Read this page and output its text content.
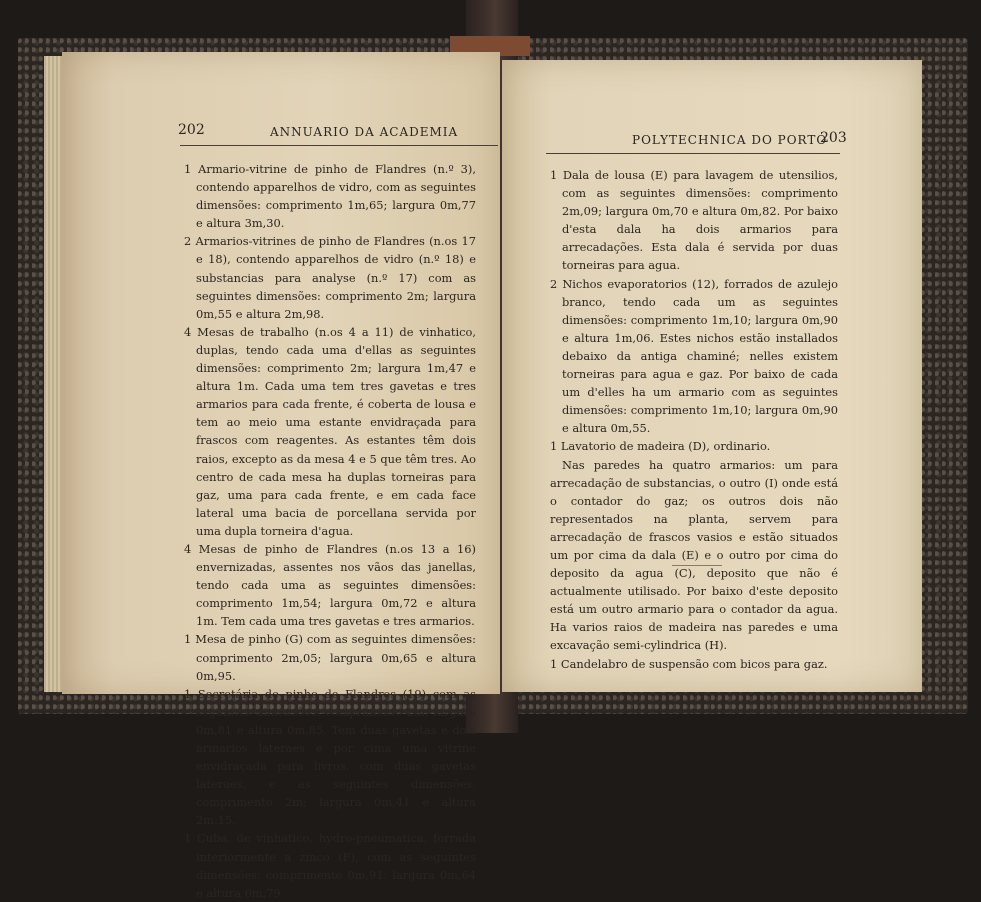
202	ANNUARIO DA ACADEMIA

1 Armario-vitrine de pinho de Flandres (n.º 3), contendo apparelhos de vidro, com as seguintes dimensões: comprimento 1m,65; largura 0m,77 e altura 3m,30.

2 Armarios-vitrines de pinho de Flandres (n.os 17 e 18), contendo apparelhos de vidro (n.º 18) e substancias para analyse (n.º 17) com as seguintes dimensões: comprimento 2m; largura 0m,55 e altura 2m,98.

4 Mesas de trabalho (n.os 4 a 11) de vinhatico, duplas, tendo cada uma d'ellas as seguintes dimensões: comprimento 2m; largura 1m,47 e altura 1m. Cada uma tem tres gavetas e tres armarios para cada frente, é coberta de lousa e tem ao meio uma estante envidraçada para frascos com reagentes. As estantes têm dois raios, excepto as da mesa 4 e 5 que têm tres. Ao centro de cada mesa ha duplas torneiras para gaz, uma para cada frente, e em cada face lateral uma bacia de porcellana servida por uma dupla torneira d'agua.

4 Mesas de pinho de Flandres (n.os 13 a 16) envernizadas, assentes nos vãos das janellas, tendo cada uma as seguintes dimensões: comprimento 1m,54; largura 0m,72 e altura 1m. Tem cada uma tres gavetas e tres armarios.

1 Mesa de pinho (G) com as seguintes dimensões: comprimento 2m,05; largura 0m,65 e altura 0m,95.

1 Secretária de pinho de Flandres (19) com as seguintes dimensões: comprimento 2m; largura 0m,81 e altura 0m,85. Tem duas gavetas e dois armarios lateraes e por cima uma vitrine envidraçada para livros, com duas gavetas lateraes, e as seguintes dimensões: comprimento 2m; largura 0m,41 e altura 2m,15.

1 Cuba, de vinhatico, hydro-pneumatica, forrada interiormente a zinco (F), com as seguintes dimensões: comprimento 0m,91: largura 0m,64 e altura 0m,79.

POLYTECHNICA DO PORTO
203

1 Dala de lousa (E) para lavagem de utensilios, com as seguintes dimensões: comprimento 2m,09; largura 0m,70 e altura 0m,82. Por baixo d'esta dala ha dois armarios para arrecadações. Esta dala é servida por duas torneiras para agua.

2 Nichos evaporatorios (12), forrados de azulejo branco, tendo cada um as seguintes dimensões: comprimento 1m,10; largura 0m,90 e altura 1m,06. Estes nichos estão installados debaixo da antiga chaminé; nelles existem torneiras para agua e gaz. Por baixo de cada um d'elles ha um armario com as seguintes dimensões: comprimento 1m,10; largura 0m,90 e altura 0m,55.

1 Lavatorio de madeira (D), ordinario.

Nas paredes ha quatro armarios: um para arrecadação de substancias, o outro (I) onde está o contador do gaz; os outros dois não representados na planta, servem para arrecadação de frascos vasios e estão situados um por cima da dala (E) e o outro por cima do deposito da agua (C), deposito que não é actualmente utilisado. Por baixo d'este deposito está um outro armario para o contador da agua. Ha varios raios de madeira nas paredes e uma excavação semi-cylindrica (H).

1 Candelabro de suspensão com bicos para gaz.
